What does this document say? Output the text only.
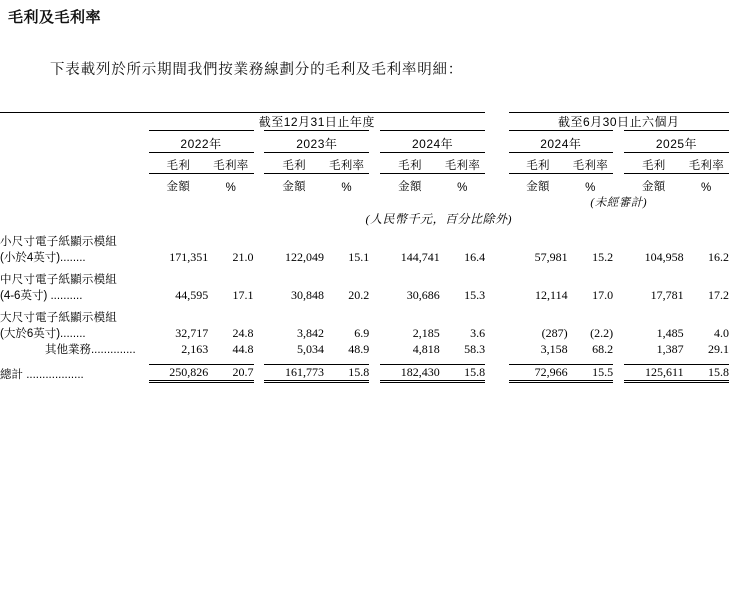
毛利及毛利率
下表載列於所示期間我們按業務線劃分的毛利及毛利率明細：

		截至12月31日止年度									截至6月30日止六個月				

		2022年			2023年			2024年			2024年			2025年	

		毛利	毛利率		毛利	毛利率		毛利	毛利率		毛利	毛利率		毛利	毛利率

		金額	%		金額	%		金額	%		金額	%		金額	%
											(未經審計)				
		(人民幣千元，百分比除外)													
小尺寸電子紙顯示模組															
(小於4英寸)........		171,351	21.0		122,049	15.1		144,741	16.4		57,981	15.2		104,958	16.2
中尺寸電子紙顯示模組															
(4-6英寸) ..........		44,595	17.1		30,848	20.2		30,686	15.3		12,114	17.0		17,781	17.2
大尺寸電子紙顯示模組															
(大於6英寸)........		32,717	24.8		3,842	6.9		2,185	3.6		(287)	(2.2)		1,485	4.0
其他業務..............		2,163	44.8		5,034	48.9		4,818	58.3		3,158	68.2		1,387	29.1

總計 ..................		250,826	20.7		161,773	15.8		182,430	15.8		72,966	15.5		125,611	15.8
